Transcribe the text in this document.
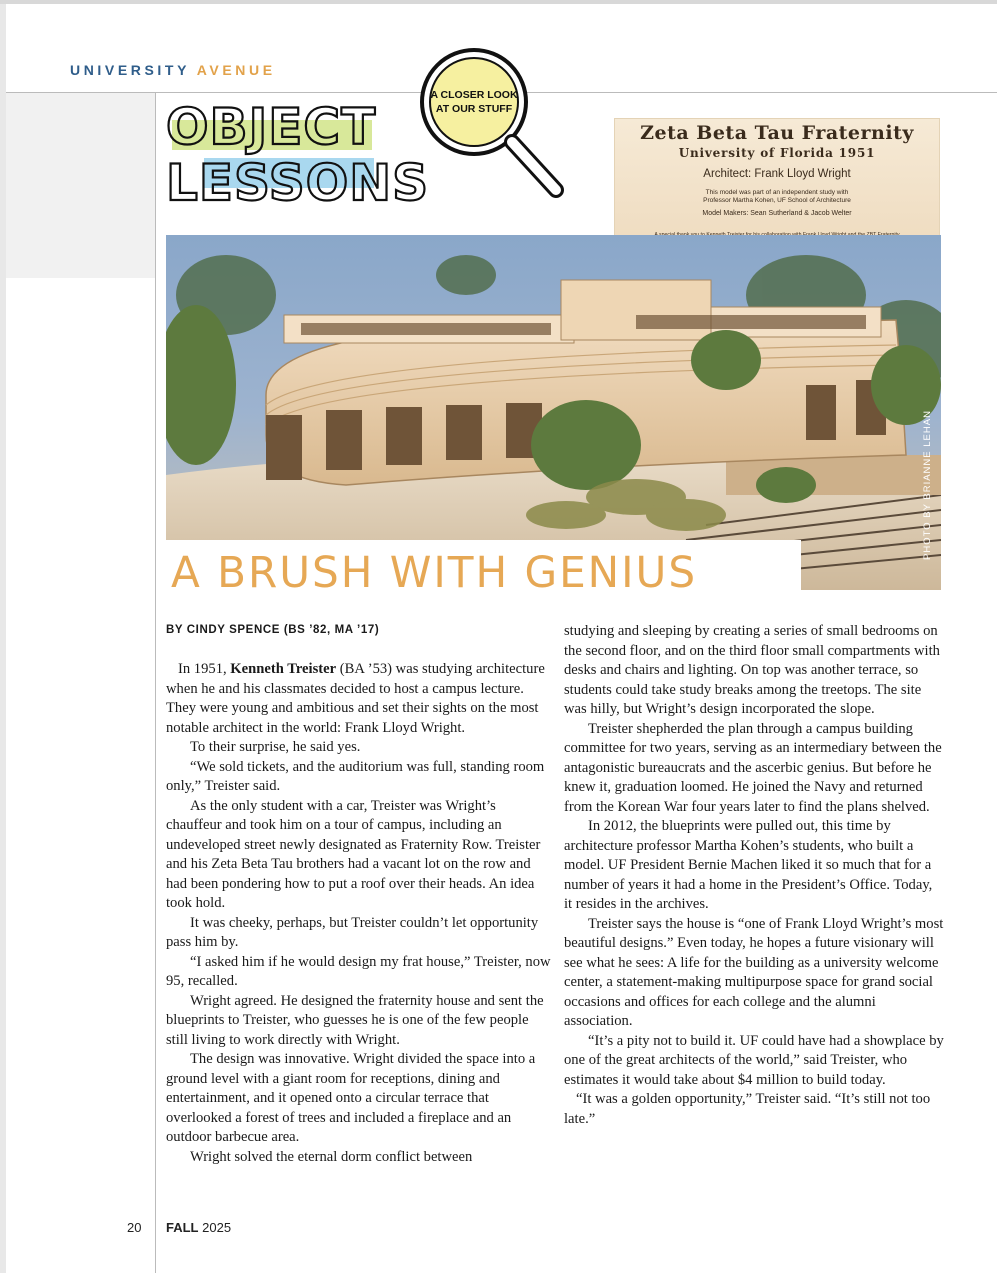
UNIVERSITY AVENUE
OBJECT
LESSONS
A CLOSER LOOK
AT OUR STUFF
Zeta Beta Tau Fraternity
University of Florida 1951
Architect: Frank Lloyd Wright
This model was part of an independent study with
Professor Martha Kohen, UF School of Architecture
Model Makers: Sean Sutherland & Jacob Welter
PHOTO BY BRIANNE LEHAN
A BRUSH WITH GENIUS
BY CINDY SPENCE (BS ’82, MA ’17)

In 1951, Kenneth Treister (BA ’53) was studying architecture when he and his classmates decided to host a campus lecture. They were young and ambitious and set their sights on the most notable architect in the world: Frank Lloyd Wright.

To their surprise, he said yes.

“We sold tickets, and the auditorium was full, standing room only,” Treister said.

As the only student with a car, Treister was Wright’s chauffeur and took him on a tour of campus, including an undeveloped street newly designated as Fraternity Row. Treister and his Zeta Beta Tau brothers had a vacant lot on the row and had been pondering how to put a roof over their heads. An idea took hold.

It was cheeky, perhaps, but Treister couldn’t let opportunity pass him by.

“I asked him if he would design my frat house,” Treister, now 95, recalled.

Wright agreed. He designed the fraternity house and sent the blueprints to Treister, who guesses he is one of the few people still living to work directly with Wright.

The design was innovative. Wright divided the space into a ground level with a giant room for receptions, dining and entertainment, and it opened onto a circular terrace that overlooked a forest of trees and included a fireplace and an outdoor barbecue area.

Wright solved the eternal dorm conflict between

studying and sleeping by creating a series of small bedrooms on the second floor, and on the third floor small compartments with desks and chairs and lighting. On top was another terrace, so students could take study breaks among the treetops. The site was hilly, but Wright’s design incorporated the slope.

Treister shepherded the plan through a campus building committee for two years, serving as an intermediary between the antagonistic bureaucrats and the ascerbic genius. But before he knew it, graduation loomed. He joined the Navy and returned from the Korean War four years later to find the plans shelved.

In 2012, the blueprints were pulled out, this time by architecture professor Martha Kohen’s students, who built a model. UF President Bernie Machen liked it so much that for a number of years it had a home in the President’s Office. Today, it resides in the archives.

Treister says the house is “one of Frank Lloyd Wright’s most beautiful designs.” Even today, he hopes a future visionary will see what he sees: A life for the building as a university welcome center, a statement-making multipurpose space for grand social occasions and offices for each college and the alumni association.

“It’s a pity not to build it. UF could have had a showplace by one of the great architects of the world,” said Treister, who estimates it would take about $4 million to build today.

“It was a golden opportunity,” Treister said. “It’s still not too late.”

20 FALL 2025
